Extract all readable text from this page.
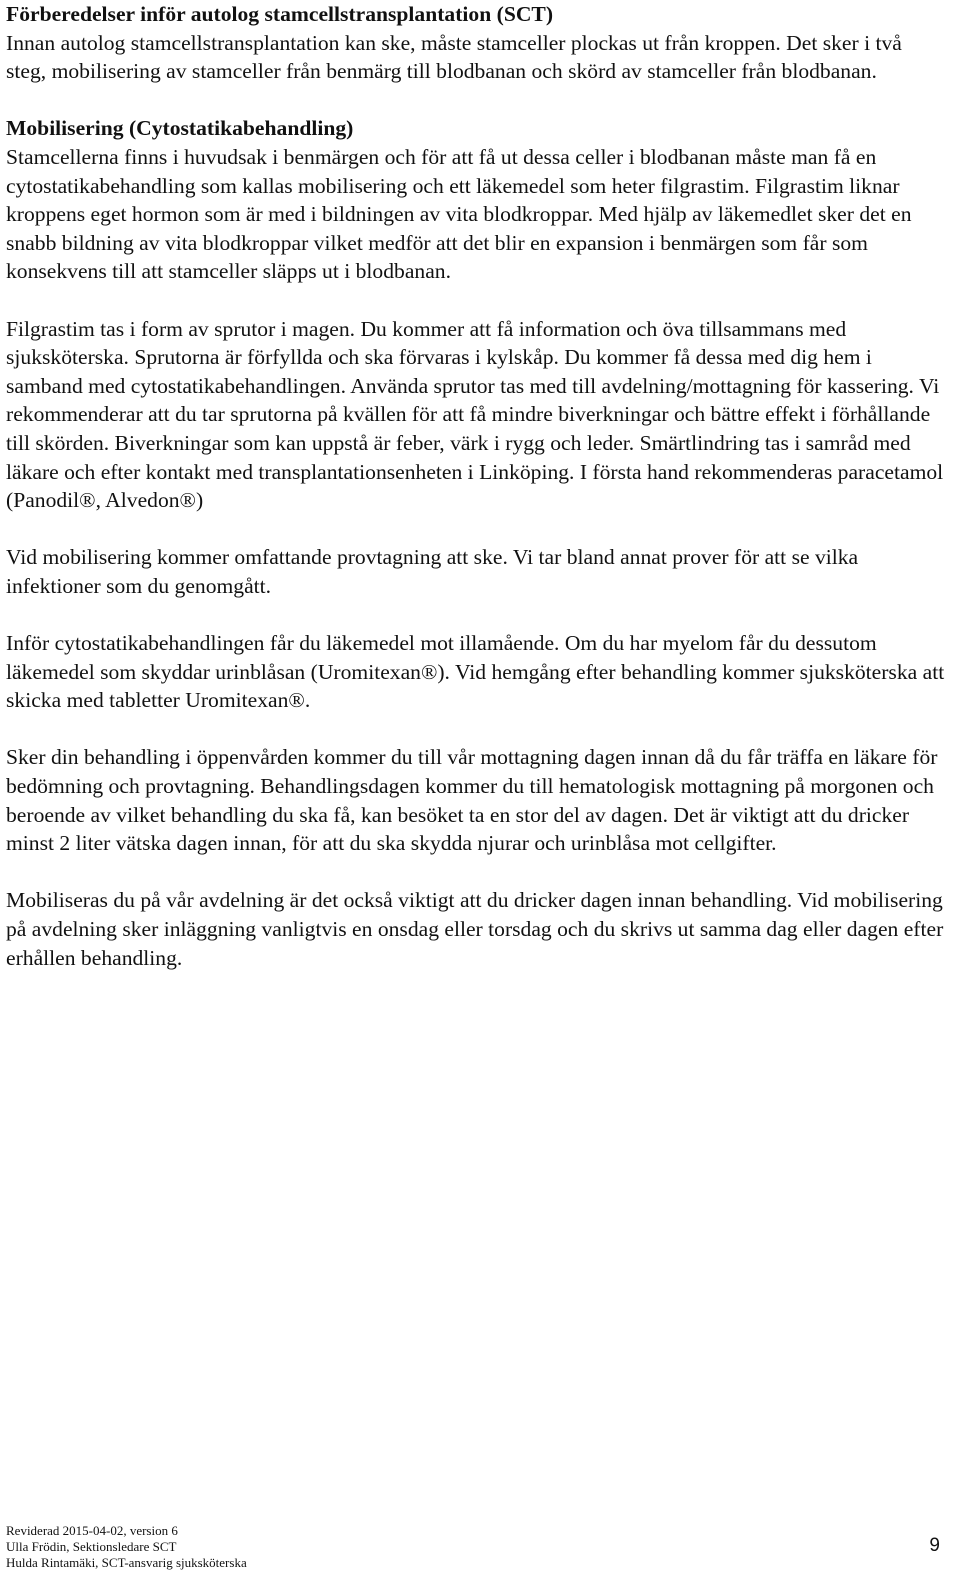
Förberedelser inför autolog stamcellstransplantation (SCT)

Innan autolog stamcellstransplantation kan ske, måste stamceller plockas ut från kroppen. Det sker i två steg, mobilisering av stamceller från benmärg till blodbanan och skörd av stamceller från blodbanan.

Mobilisering (Cytostatikabehandling)

Stamcellerna finns i huvudsak i benmärgen och för att få ut dessa celler i blodbanan måste man få en cytostatikabehandling som kallas mobilisering och ett läkemedel som heter filgrastim. Filgrastim liknar kroppens eget hormon som är med i bildningen av vita blodkroppar. Med hjälp av läkemedlet sker det en snabb bildning av vita blodkroppar vilket medför att det blir en expansion i benmärgen som får som konsekvens till att stamceller släpps ut i blodbanan.

Filgrastim tas i form av sprutor i magen. Du kommer att få information och öva tillsammans med sjuksköterska. Sprutorna är förfyllda och ska förvaras i kylskåp. Du kommer få dessa med dig hem i samband med cytostatikabehandlingen. Använda sprutor tas med till avdelning/mottagning för kassering. Vi rekommenderar att du tar sprutorna på kvällen för att få mindre biverkningar och bättre effekt i förhållande till skörden. Biverkningar som kan uppstå är feber, värk i rygg och leder. Smärtlindring tas i samråd med läkare och efter kontakt med transplantationsenheten i Linköping. I första hand rekommenderas paracetamol (Panodil®, Alvedon®)

Vid mobilisering kommer omfattande provtagning att ske. Vi tar bland annat prover för att se vilka infektioner som du genomgått.

Inför cytostatikabehandlingen får du läkemedel mot illamående. Om du har myelom får du dessutom läkemedel som skyddar urinblåsan (Uromitexan®). Vid hemgång efter behandling kommer sjuksköterska att skicka med tabletter Uromitexan®.

Sker din behandling i öppenvården kommer du till vår mottagning dagen innan då du får träffa en läkare för bedömning och provtagning. Behandlingsdagen kommer du till hematologisk mottagning på morgonen och beroende av vilket behandling du ska få, kan besöket ta en stor del av dagen. Det är viktigt att du dricker minst 2 liter vätska dagen innan, för att du ska skydda njurar och urinblåsa mot cellgifter.

Mobiliseras du på vår avdelning är det också viktigt att du dricker dagen innan behandling. Vid mobilisering på avdelning sker inläggning vanligtvis en onsdag eller torsdag och du skrivs ut samma dag eller dagen efter erhållen behandling.

Reviderad 2015-04-02, version 6
Ulla Frödin, Sektionsledare SCT
Hulda Rintamäki, SCT-ansvarig sjuksköterska
9
